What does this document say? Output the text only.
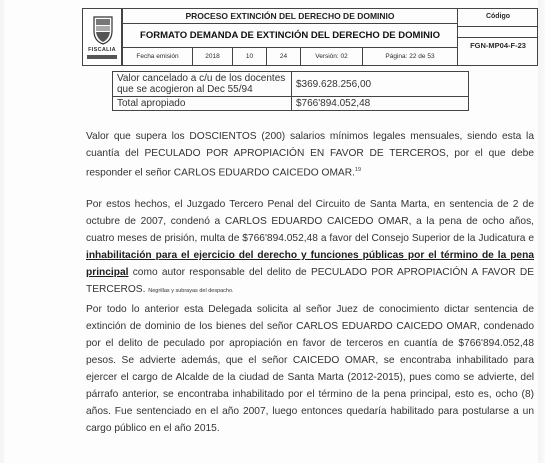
FISCALIA
PROCESO EXTINCIÓN DEL DERECHO DE DOMINIO
FORMATO DEMANDA DE EXTINCIÓN DEL DERECHO DE DOMINIO
Fecha emisión	2018	10	24	Versión: 02	Página: 22 de 53
Código
FGN-MP04-F-23
Valor cancelado a c/u de los docentes que se acogieron al Dec 55/94	$369.628.256,00
Total apropiado	$766'894.052,48
Valor que supera los DOSCIENTOS (200) salarios mínimos legales mensuales, siendo esta la cuantía del PECULADO POR APROPIACIÓN EN FAVOR DE TERCEROS, por el que debe responder el señor CARLOS EDUARDO CAICEDO OMAR.$^{19}$
Por estos hechos, el Juzgado Tercero Penal del Circuito de Santa Marta, en sentencia de 2 de octubre de 2007, condenó a CARLOS EDUARDO CAICEDO OMAR, a la pena de ocho años, cuatro meses de prisión, multa de $766'894.052,48 a favor del Consejo Superior de la Judicatura e inhabilitación para el ejercicio del derecho y funciones públicas por el término de la pena principal como autor responsable del delito de PECULADO POR APROPIACIÓN A FAVOR DE TERCEROS. Negrillas y subrayas del despacho.
Por todo lo anterior esta Delegada solicita al señor Juez de conocimiento dictar sentencia de extinción de dominio de los bienes del señor CARLOS EDUARDO CAICEDO OMAR, condenado por el delito de peculado por apropiación en favor de terceros en cuantía de $766'894.052,48 pesos. Se advierte además, que el señor CAICEDO OMAR, se encontraba inhabilitado para ejercer el cargo de Alcalde de la ciudad de Santa Marta (2012-2015), pues como se advierte, del párrafo anterior, se encontraba inhabilitado por el término de la pena principal, esto es, ocho (8) años. Fue sentenciado en el año 2007, luego entonces quedaría habilitado para postularse a un cargo público en el año 2015.
